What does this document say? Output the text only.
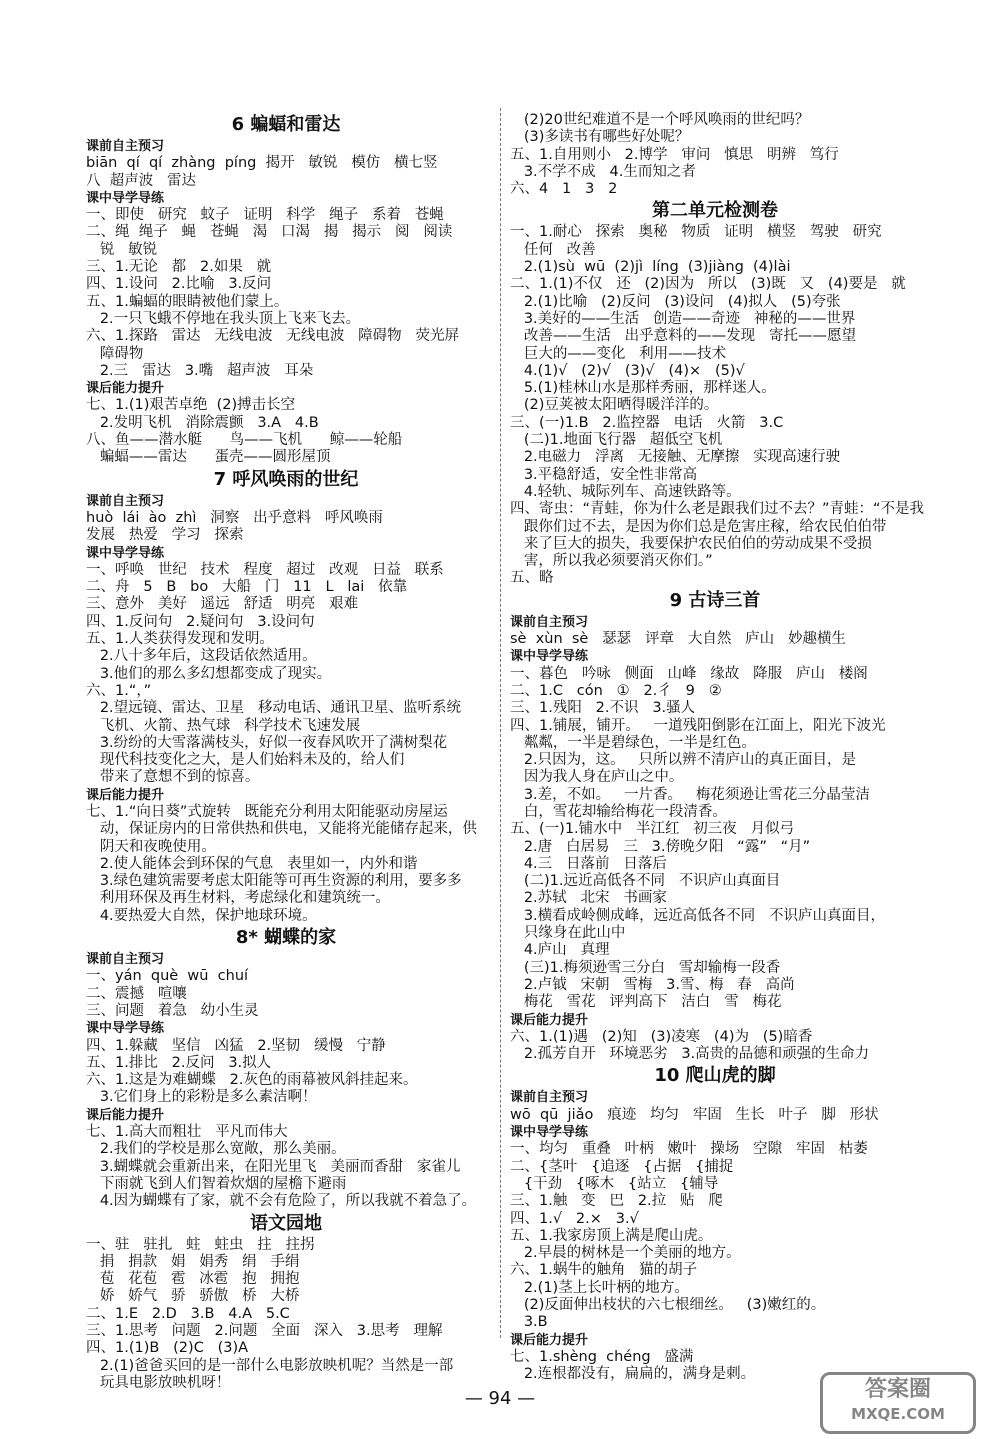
6 蝙蝠和雷达
课前自主预习
biān  qí  qí  zhàng  píng  揭开   敏锐   模仿   横七竖
八  超声波   雷达
课中导学导练
一、即使   研究   蚊子   证明   科学   绳子   系着   苍蝇
二、绳  绳子   蝇   苍蝇   渴   口渴   揭   揭示   阅   阅读
锐   敏锐
三、1.无论   都   2.如果   就
四、1.设问   2.比喻   3.反问
五、1.蝙蝠的眼睛被他们蒙上。
2.一只飞蛾不停地在我头顶上飞来飞去。
六、1.探路   雷达   无线电波   无线电波   障碍物   荧光屏
障碍物
2.三   雷达   3.嘴   超声波   耳朵
课后能力提升
七、1.(1)艰苦卓绝  (2)搏击长空
2.发明飞机   消除震颤   3.A   4.B
八、鱼——潜水艇      鸟——飞机      鲸——轮船
蝙蝠——雷达      蛋壳——圆形屋顶
7 呼风唤雨的世纪
课前自主预习
huò  lái  ào  zhì   洞察   出乎意料   呼风唤雨
发展   热爱   学习   探索
课中导学导练
一、呼唤   世纪   技术   程度   超过   改观   日益   联系
二、舟   5   B   bo   大船   门   11   L   lai   依靠
三、意外   美好   遥远   舒适   明亮   艰难
四、1.反问句   2.疑问句   3.设问句
五、1.人类获得发现和发明。
2.八十多年后，这段话依然适用。
3.他们的那么多幻想都变成了现实。
六、1.“，”
2.望远镜、雷达、卫星   移动电话、通讯卫星、监听系统
飞机、火箭、热气球   科学技术飞速发展
3.纷纷的大雪落满枝头，好似一夜春风吹开了满树梨花
现代科技变化之大，是人们始料未及的，给人们
带来了意想不到的惊喜。
课后能力提升
七、1.“向日葵”式旋转   既能充分利用太阳能驱动房屋运
动，保证房内的日常供热和供电，又能将光能储存起来，供
阴天和夜晚使用。
2.使人能体会到环保的气息   表里如一，内外和谐
3.绿色建筑需要考虑太阳能等可再生资源的利用，要多多
利用环保及再生材料，考虑绿化和建筑统一。
4.要热爱大自然，保护地球环境。
8* 蝴蝶的家
课前自主预习
一、yán  què  wū  chuí
二、震撼   喧嚷
三、问题   着急   幼小生灵
课中导学导练
四、1.躲藏   坚信   凶猛   2.坚韧   缓慢   宁静
五、1.排比   2.反问   3.拟人
六、1.这是为难蝴蝶   2.灰色的雨幕被风斜挂起来。
3.它们身上的彩粉是多么素洁啊！
课后能力提升
七、1.高大而粗壮   平凡而伟大
2.我们的学校是那么宽敞，那么美丽。
3.蝴蝶就会重新出来，在阳光里飞   美丽而香甜   家雀儿
下雨就飞到人们智着炊烟的屋檐下避雨
4.因为蝴蝶有了家，就不会有危险了，所以我就不着急了。
语文园地
一、驻   驻扎   蛀   蛀虫   拄   拄拐
捐   捐款   娟   娟秀   绢   手绢
苞   花苞   雹   冰雹   抱   拥抱
娇   娇气   骄   骄傲   桥   大桥
二、1.E   2.D   3.B   4.A   5.C
三、1.思考   问题   2.问题   全面   深入   3.思考   理解
四、1.(1)B   (2)C   (3)A
2.(1)爸爸买回的是一部什么电影放映机呢？当然是一部
玩具电影放映机呀！
(2)20世纪难道不是一个呼风唤雨的世纪吗？
(3)多读书有哪些好处呢？
五、1.自用则小   2.博学   审问   慎思   明辨   笃行
3.不学不成   4.生而知之者
六、4   1   3   2
第二单元检测卷
一、1.耐心   探索   奥秘   物质   证明   横竖   驾驶   研究
任何   改善
2.(1)sù  wū  (2)jì  líng  (3)jiàng  (4)lài
二、1.(1)不仅   还   (2)因为   所以   (3)既   又   (4)要是   就
2.(1)比喻   (2)反问   (3)设问   (4)拟人   (5)夸张
3.美好的——生活   创造——奇迹   神秘的——世界
改善——生活   出乎意料的——发现   寄托——愿望
巨大的——变化   利用——技术
4.(1)√   (2)√   (3)√   (4)×   (5)√
5.(1)桂林山水是那样秀丽，那样迷人。
(2)豆荚被太阳晒得暖洋洋的。
三、(一)1.B   2.监控器   电话   火箭   3.C
(二)1.地面飞行器   超低空飞机
2.电磁力   浮离   无接触、无摩擦   实现高速行驶
3.平稳舒适，安全性非常高
4.轻轨、城际列车、高速铁路等。
四、寄虫：“青蛙，你为什么老是跟我们过不去？”青蛙：“不是我
跟你们过不去，是因为你们总是危害庄稼，给农民伯伯带
来了巨大的损失，我要保护农民伯伯的劳动成果不受损
害，所以我必须要消灭你们。”
五、略
9 古诗三首
课前自主预习
sè  xùn  sè   瑟瑟   评章   大自然   庐山   妙趣横生
课中导学导练
一、暮色   吟咏   侧面   山峰   缘故   降服   庐山   楼阁
二、1.C   cón   ①   2.彳   9   ②
三、1.残阳   2.不识   3.骚人
四、1.铺展，铺开。   一道残阳倒影在江面上，阳光下波光
粼粼，一半是碧绿色，一半是红色。
2.只因为，这。   只所以辨不清庐山的真正面目，是
因为我人身在庐山之中。
3.差，不如。   一片香。   梅花须逊让雪花三分晶莹洁
白，雪花却输给梅花一段清香。
五、(一)1.铺水中   半江红   初三夜   月似弓
2.唐   白居易   三   3.傍晚夕阳   “露”   “月”
4.三   日落前   日落后
(二)1.远近高低各不同   不识庐山真面目
2.苏轼   北宋   书画家
3.横看成岭侧成峰，远近高低各不同   不识庐山真面目，
只缘身在此山中
4.庐山   真理
(三)1.梅须逊雪三分白   雪却输梅一段香
2.卢钺   宋朝   雪梅   3.雪、梅   春   高尚
梅花   雪花   评判高下   洁白   雪   梅花
课后能力提升
六、1.(1)遇   (2)知   (3)凌寒   (4)为   (5)暗香
2.孤芳自开   环境恶劣   3.高贵的品德和顽强的生命力
10 爬山虎的脚
课前自主预习
wō  qū  jiǎo   痕迹   均匀   牢固   生长   叶子   脚   形状
课中导学导练
一、均匀   重叠   叶柄   嫩叶   操场   空隙   牢固   枯萎
二、{茎叶   {追逐   {占据   {捕捉
{干劲   {啄木   {站立   {辅导
三、1.触   变   巴   2.拉   贴   爬
四、1.√   2.×   3.√
五、1.我家房顶上满是爬山虎。
2.早晨的树林是一个美丽的地方。
六、1.蜗牛的触角   猫的胡子
2.(1)茎上长叶柄的地方。
(2)反面伸出枝状的六七根细丝。   (3)嫩红的。
3.B
课后能力提升
七、1.shèng  chéng   盛满
2.连根都没有，扁扁的，满身是刺。
— 94 —	答案圈
MXQE.COM
